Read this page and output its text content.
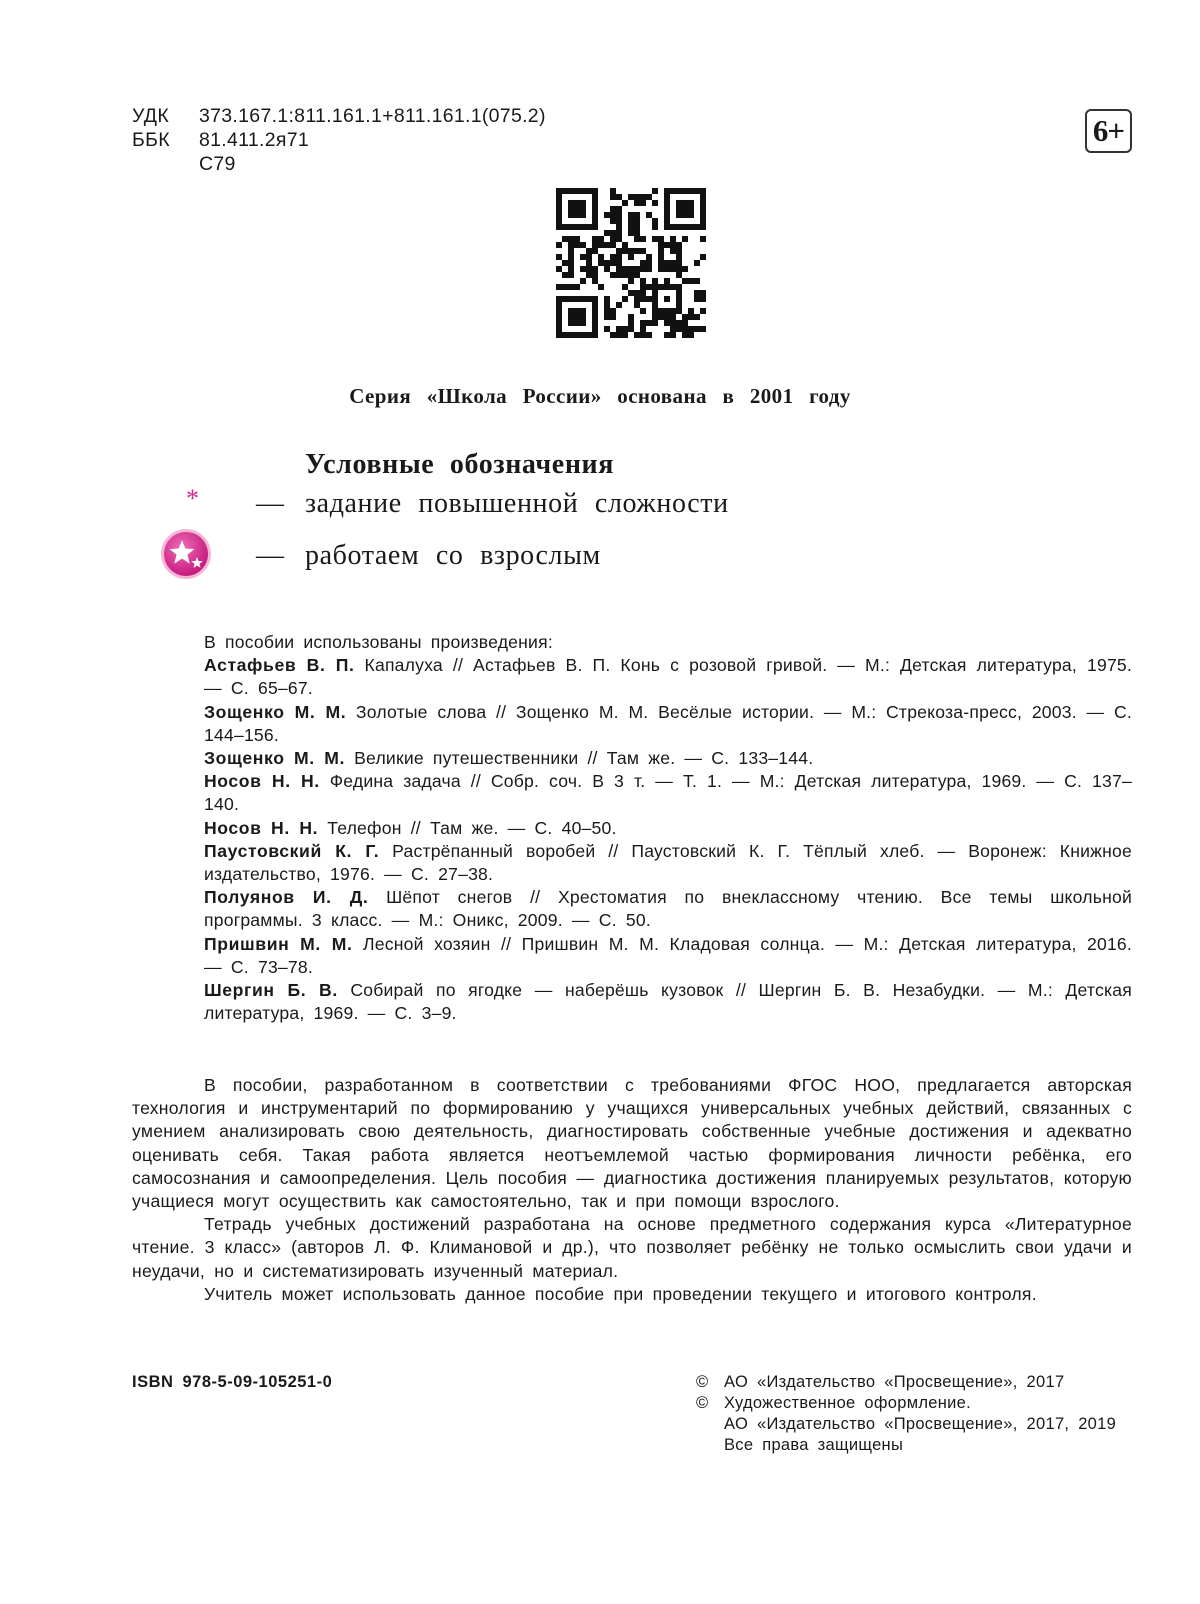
УДК	373.167.1:811.161.1+811.161.1(075.2)
ББК	81.411.2я71
С79
6+
Серия «Школа России» основана в 2001 году
Условные обозначения
* — задание повышенной сложности
— работаем со взрослым

В пособии использованы произведения:

Астафьев В. П. Капалуха // Астафьев В. П. Конь с розовой гривой. — М.: Детская литература, 1975. — С. 65–67.

Зощенко М. М. Золотые слова // Зощенко М. М. Весёлые истории. — М.: Стрекоза-пресс, 2003. — С. 144–156.

Зощенко М. М. Великие путешественники // Там же. — С. 133–144.

Носов Н. Н. Федина задача // Собр. соч. В 3 т. — Т. 1. — М.: Детская литература, 1969. — С. 137–140.

Носов Н. Н. Телефон // Там же. — С. 40–50.

Паустовский К. Г. Растрёпанный воробей // Паустовский К. Г. Тёплый хлеб. — Воронеж: Книжное издательство, 1976. — С. 27–38.

Полуянов И. Д. Шёпот снегов // Хрестоматия по внеклассному чтению. Все темы школьной программы. 3 класс. — М.: Оникс, 2009. — С. 50.

Пришвин М. М. Лесной хозяин // Пришвин М. М. Кладовая солнца. — М.: Детская литература, 2016. — С. 73–78.

Шергин Б. В. Собирай по ягодке — наберёшь кузовок // Шергин Б. В. Незабудки. — М.: Детская литература, 1969. — С. 3–9.

В пособии, разработанном в соответствии с требованиями ФГОС НОО, предлагается авторская технология и инструментарий по формированию у учащихся универсальных учебных действий, связанных с умением анализировать свою деятельность, диагностировать собственные учебные достижения и адекватно оценивать себя. Такая работа является неотъемлемой частью формирования личности ребёнка, его самосознания и самоопределения. Цель пособия — диагностика достижения планируемых результатов, которую учащиеся могут осуществить как самостоятельно, так и при помощи взрослого.

Тетрадь учебных достижений разработана на основе предметного содержания курса «Литературное чтение. 3 класс» (авторов Л. Ф. Климановой и др.), что позволяет ребёнку не только осмыслить свои удачи и неудачи, но и систематизировать изученный материал.

Учитель может использовать данное пособие при проведении текущего и итогового контроля.

ISBN 978-5-09-105251-0	© АО «Издательство «Просвещение», 2017
© Художественное оформление.
АО «Издательство «Просвещение», 2017, 2019
Все права защищены
